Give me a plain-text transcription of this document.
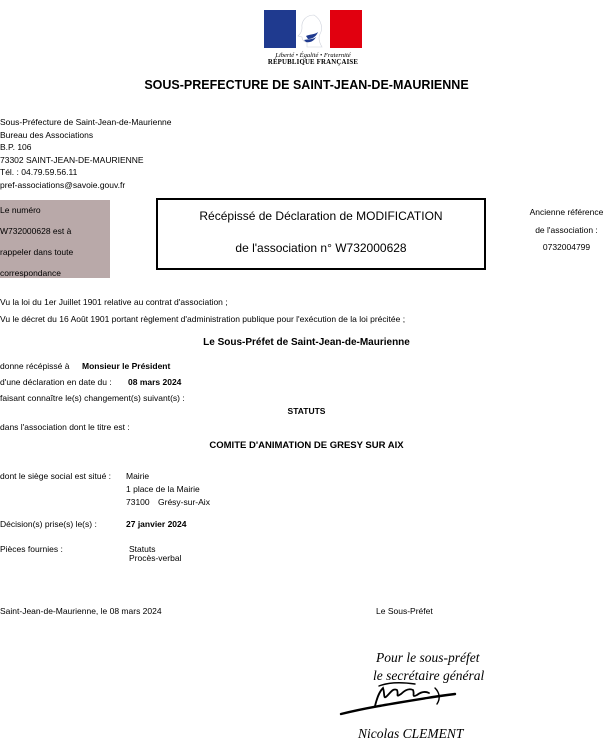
Liberté • Égalité • Fraternité
RÉPUBLIQUE FRANÇAISE
SOUS-PREFECTURE DE SAINT-JEAN-DE-MAURIENNE
Sous-Préfecture de Saint-Jean-de-Maurienne
Bureau des Associations
B.P. 106
73302 SAINT-JEAN-DE-MAURIENNE
Tél. : 04.79.59.56.11
pref-associations@savoie.gouv.fr
Le numéro
W732000628 est à
rappeler dans toute
correspondance
Récépissé de Déclaration de MODIFICATION
de l'association n° W732000628
Ancienne référence
de l'association :
0732004799
Vu la loi du 1er Juillet 1901 relative au contrat d'association ;
Vu le décret du 16 Août 1901 portant règlement d'administration publique pour l'exécution de la loi précitée ;
Le Sous-Préfet de Saint-Jean-de-Maurienne
donne récépissé à Monsieur le Président
d'une déclaration en date du : 08 mars 2024
faisant connaître le(s) changement(s) suivant(s) :
STATUTS
dans l'association dont le titre est :
COMITE D'ANIMATION DE GRESY SUR AIX
dont le siège social est situé : Mairie
1 place de la Mairie
73100 Grésy-sur-Aix
Décision(s) prise(s) le(s) :	27 janvier 2024
Pièces fournies :	Statuts
Procès-verbal
Saint-Jean-de-Maurienne, le 08 mars 2024	Le Sous-Préfet
Pour le sous-préfet
le secrétaire général
Nicolas CLEMENT
